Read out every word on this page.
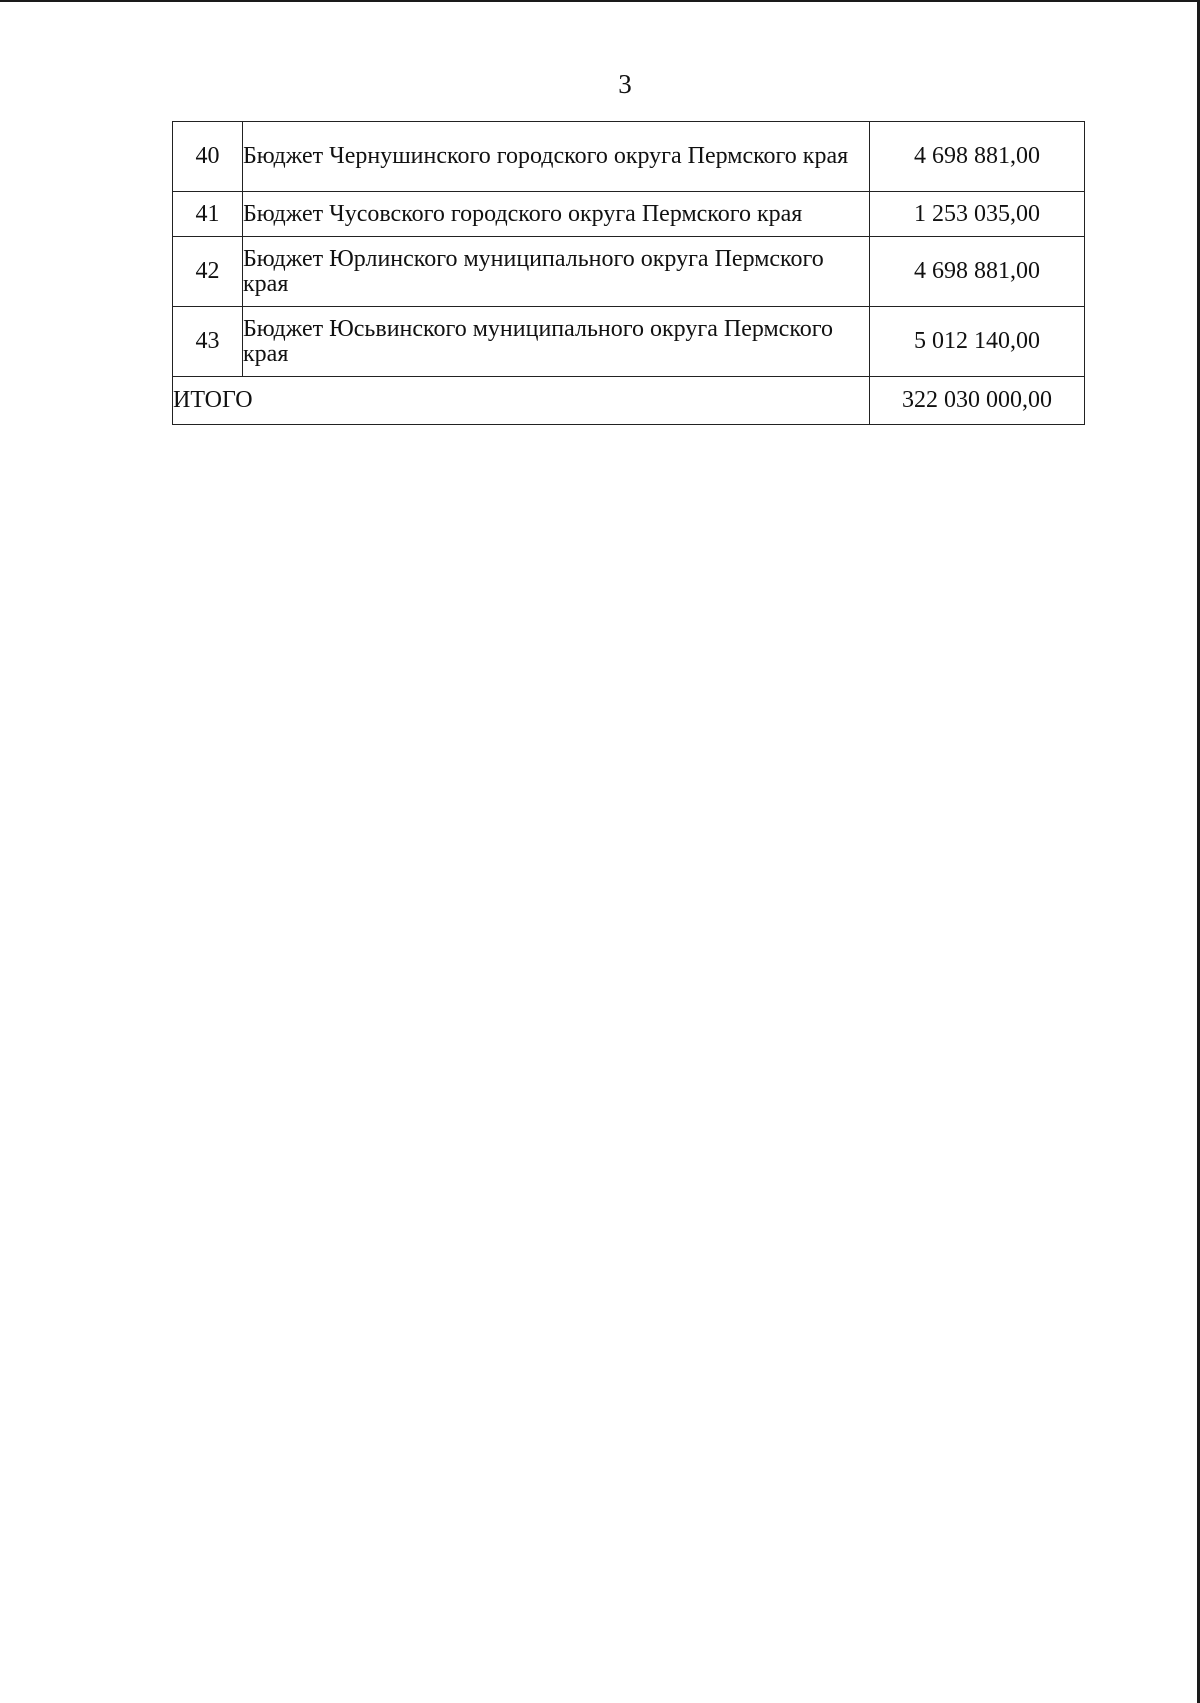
3
40	Бюджет Чернушинского городского округа Пермского края	4 698 881,00
41	Бюджет Чусовского городского округа Пермского края	1 253 035,00
42	Бюджет Юрлинского муниципального округа Пермского края	4 698 881,00
43	Бюджет Юсьвинского муниципального округа Пермского края	5 012 140,00
ИТОГО		322 030 000,00
